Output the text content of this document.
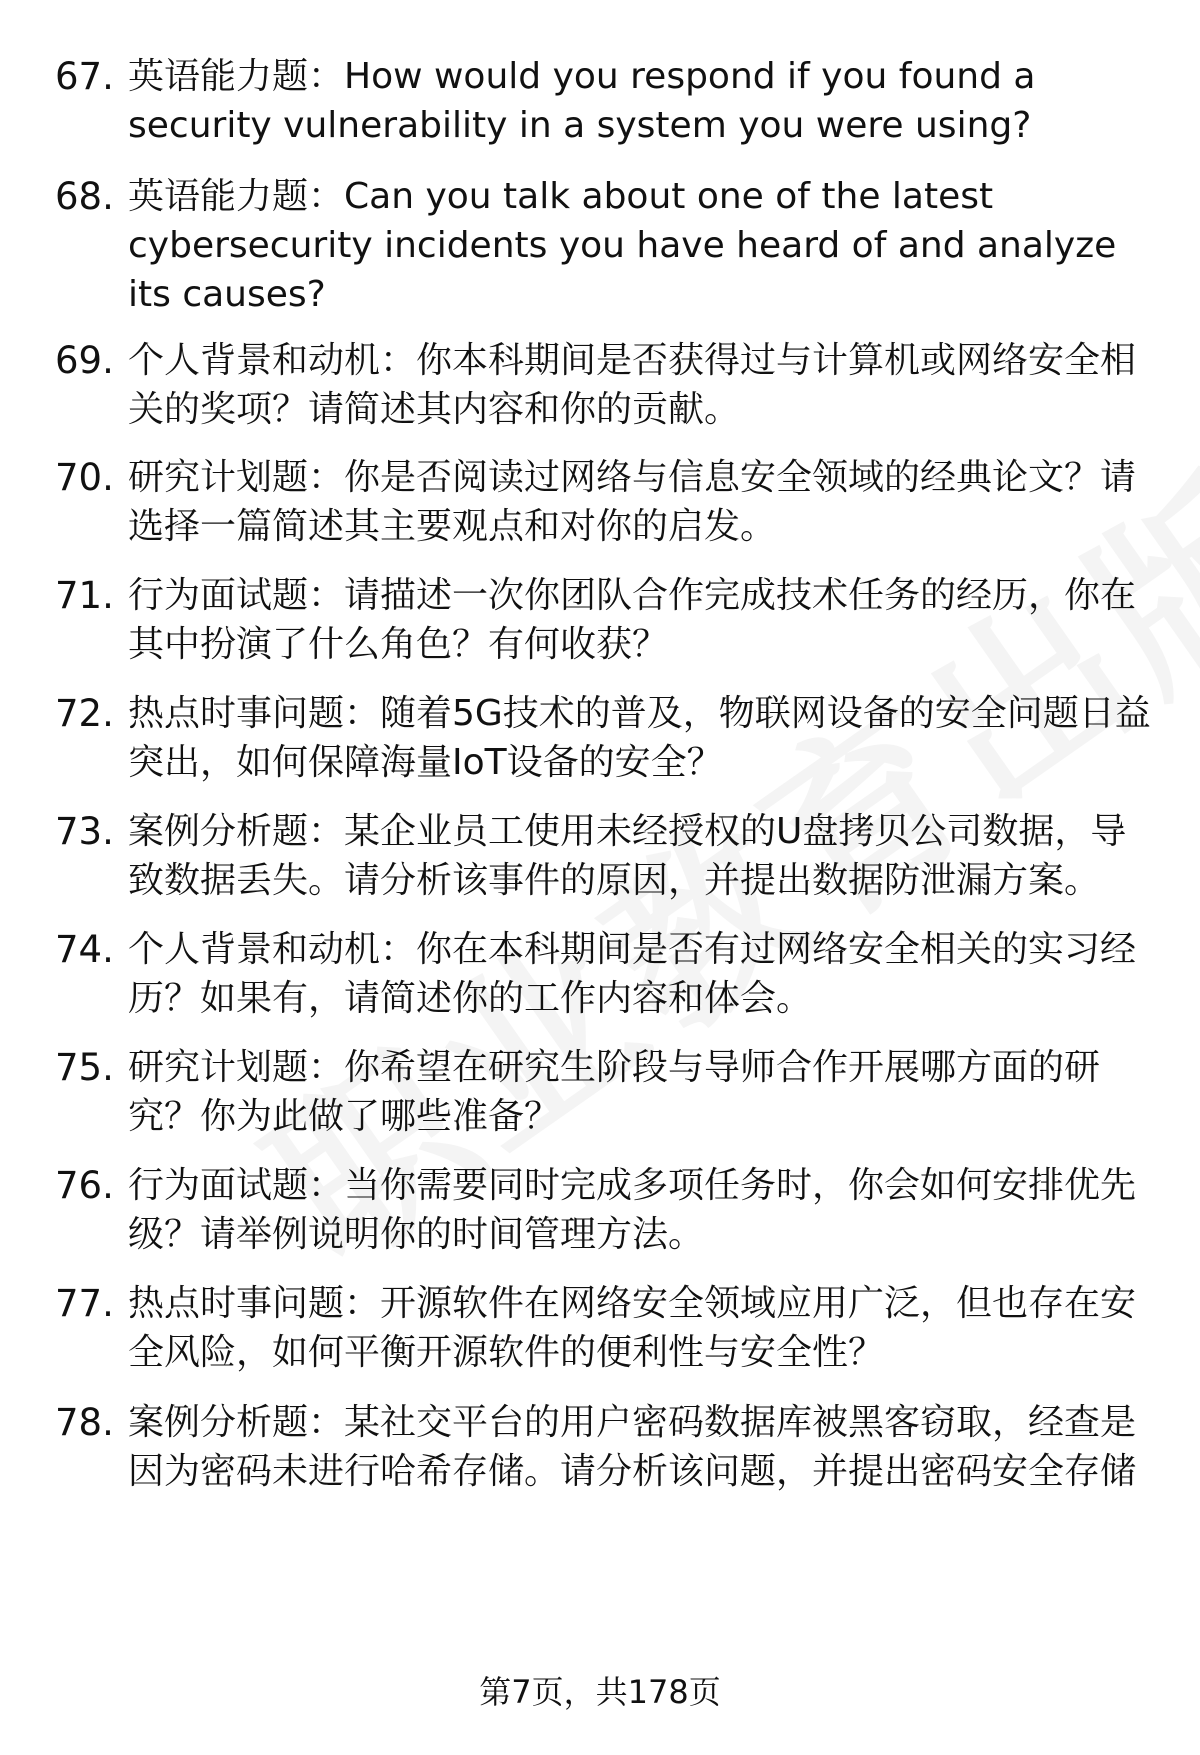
67. 英语能力题：How would you respond if you found a security vulnerability in a system you were using?

68. 英语能力题：Can you talk about one of the latest cybersecurity incidents you have heard of and analyze its causes?

69. 个人背景和动机：你本科期间是否获得过与计算机或网络安全相关的奖项？请简述其内容和你的贡献。

70. 研究计划题：你是否阅读过网络与信息安全领域的经典论文？请选择一篇简述其主要观点和对你的启发。

71. 行为面试题：请描述一次你团队合作完成技术任务的经历，你在其中扮演了什么角色？有何收获？

72. 热点时事问题：随着5G技术的普及，物联网设备的安全问题日益突出，如何保障海量IoT设备的安全？

73. 案例分析题：某企业员工使用未经授权的U盘拷贝公司数据，导致数据丢失。请分析该事件的原因，并提出数据防泄漏方案。

74. 个人背景和动机：你在本科期间是否有过网络安全相关的实习经历？如果有，请简述你的工作内容和体会。

75. 研究计划题：你希望在研究生阶段与导师合作开展哪方面的研究？你为此做了哪些准备？

76. 行为面试题：当你需要同时完成多项任务时，你会如何安排优先级？请举例说明你的时间管理方法。

77. 热点时事问题：开源软件在网络安全领域应用广泛，但也存在安全风险，如何平衡开源软件的便利性与安全性？

78. 案例分析题：某社交平台的用户密码数据库被黑客窃取，经查是因为密码未进行哈希存储。请分析该问题，并提出密码安全存储

第7页，共178页
